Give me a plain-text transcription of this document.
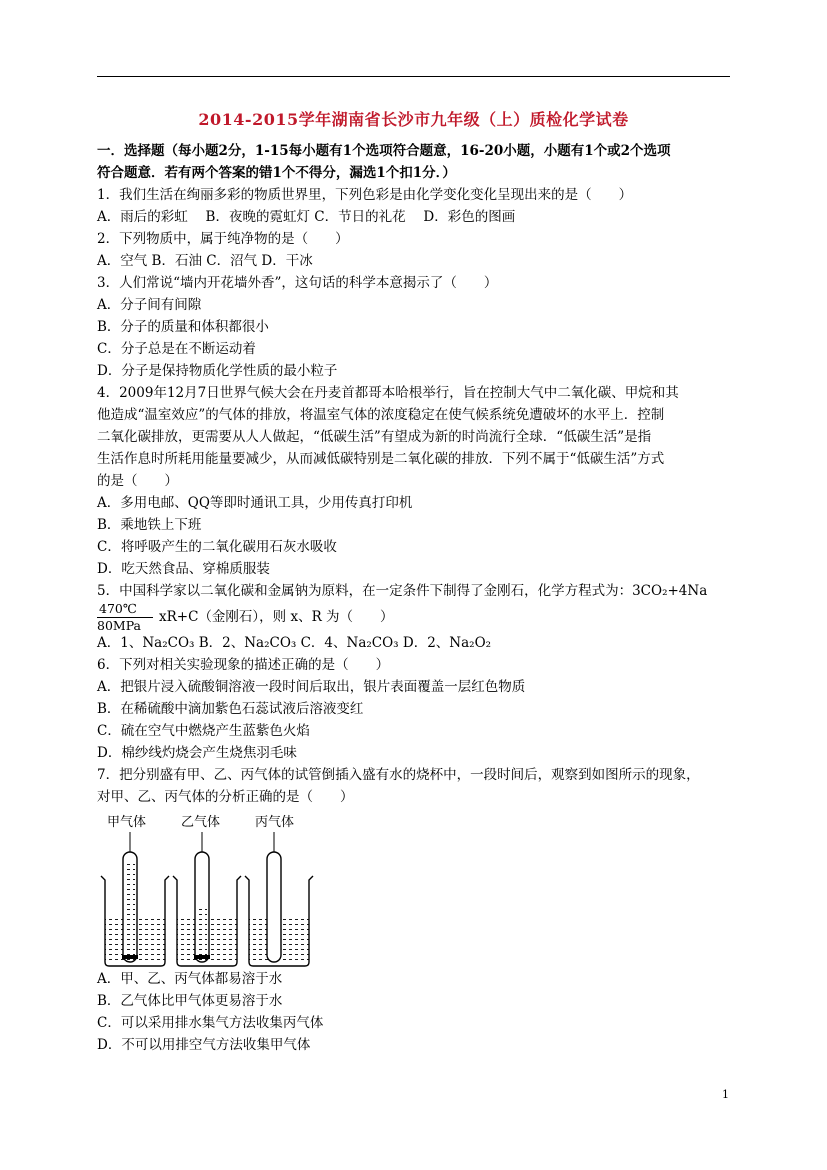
2014-2015学年湖南省长沙市九年级（上）质检化学试卷
一．选择题（每小题2分，1-15每小题有1个选项符合题意，16-20小题，小题有1个或2个选项
符合题意．若有两个答案的错1个不得分，漏选1个扣1分．）
1．我们生活在绚丽多彩的物质世界里，下列色彩是由化学变化变化呈现出来的是（　　）
A．雨后的彩虹　 B．夜晚的霓虹灯 C．节日的礼花　 D．彩色的图画
2．下列物质中，属于纯净物的是（　　）
A．空气 B．石油 C．沼气 D．干冰
3．人们常说“墙内开花墙外香”，这句话的科学本意揭示了（　　）
A．分子间有间隙
B．分子的质量和体积都很小
C．分子总是在不断运动着
D．分子是保持物质化学性质的最小粒子
4．2009年12月7日世界气候大会在丹麦首都哥本哈根举行，旨在控制大气中二氧化碳、甲烷和其
他造成“温室效应”的气体的排放，将温室气体的浓度稳定在使气候系统免遭破坏的水平上．控制
二氧化碳排放，更需要从人人做起，“低碳生活”有望成为新的时尚流行全球．“低碳生活”是指
生活作息时所耗用能量要减少，从而减低碳特别是二氧化碳的排放．下列不属于“低碳生活”方式
的是（　　）
A．多用电邮、QQ等即时通讯工具，少用传真打印机
B．乘地铁上下班
C．将呼吸产生的二氧化碳用石灰水吸收
D．吃天然食品、穿棉质服装
5．中国科学家以二氧化碳和金属钠为原料，在一定条件下制得了金刚石，化学方程式为：3CO₂+4Na
$\frac{470℃}{\text{80MPa}} xR+C$（金刚石），则 x、R 为（　　）
A．1、Na₂CO₃ B．2、Na₂CO₃ C．4、Na₂CO₃ D．2、Na₂O₂
6．下列对相关实验现象的描述正确的是（　　）
A．把银片浸入硫酸铜溶液一段时间后取出，银片表面覆盖一层红色物质
B．在稀硫酸中滴加紫色石蕊试液后溶液变红
C．硫在空气中燃烧产生蓝紫色火焰
D．棉纱线灼烧会产生烧焦羽毛味
7．把分别盛有甲、乙、丙气体的试管倒插入盛有水的烧杯中，一段时间后，观察到如图所示的现象，
对甲、乙、丙气体的分析正确的是（　　）
甲气体	乙气体	丙气体
A．甲、乙、丙气体都易溶于水
B．乙气体比甲气体更易溶于水
C．可以采用排水集气方法收集丙气体
D．不可以用排空气方法收集甲气体
1
